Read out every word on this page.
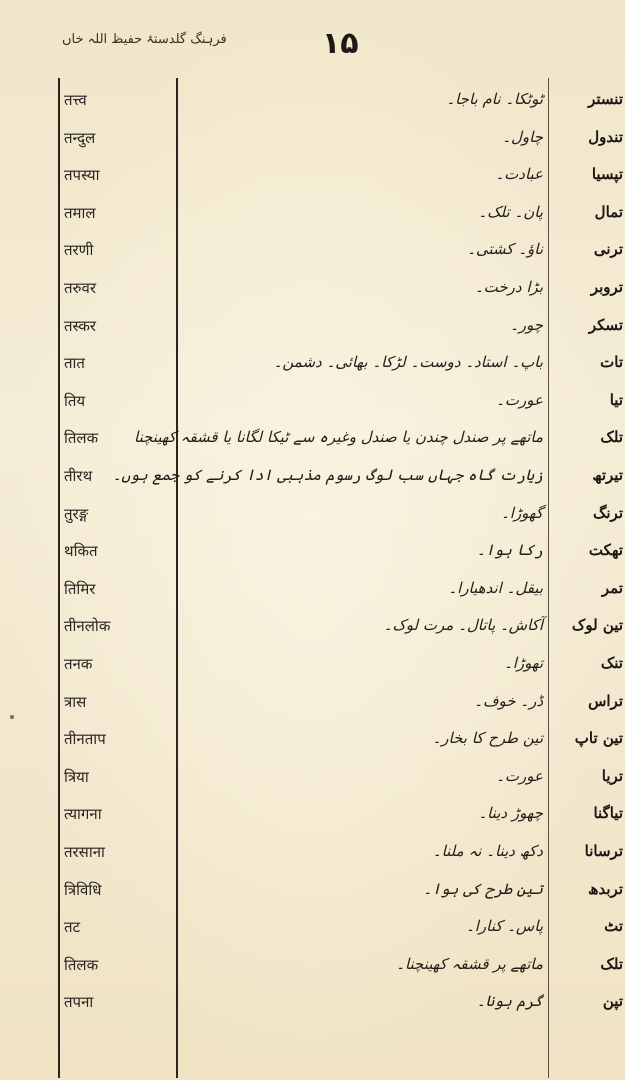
فرہنگ گلدستۂ حفیظ اللہ خاں	۱۵
तत्त्व	ٹوٹکا۔ نام باجا۔	تنستر
तन्दुल	چاول۔	تندول
तपस्या	عبادت۔	تپسیا
तमाल	پان۔ تلک۔	تمال
तरणी	ناؤ۔ کشتی۔	ترنی
तरुवर	بڑا درخت۔	تروبر
तस्कर	چور۔	تسکر
तात	باپ۔ استاد۔ دوست۔ لڑکا۔ بھائی۔ دشمن۔	تات
तिय	عورت۔	تیا
तिलक	ماتھے پر صندل چندن یا صندل وغیرہ سے ٹیکا لگانا یا قشقہ کھینچنا	تلک
तीरथ	زیارت گاہ جہاں سب لوگ رسوم مذہبی ادا کرنے کو جمع ہوں۔	تیرتھ
तुरङ्ग	گھوڑا۔	ترنگ
थकित	رکا ہوا۔	تھکت
तिमिर	بیقل۔ اندھیارا۔	تمر
तीनलोक	آکاش۔ پاتال۔ مرت لوک۔	تین لوک
तनक	تھوڑا۔	تنک
त्रास	ڈر۔ خوف۔	تراس
तीनताप	تین طرح کا بخار۔	تین تاپ
त्रिया	عورت۔	تریا
त्यागना	چھوڑ دینا۔	تیاگنا
तरसाना	دکھ دینا۔ نہ ملنا۔	ترسانا
त्रिविधि	تین طرح کی ہوا۔	تربدھ
तट	پاس۔ کنارا۔	تٹ
तिलक	ماتھے پر قشقہ کھینچنا۔	تلک
तपना	گرم ہونا۔	تپن
